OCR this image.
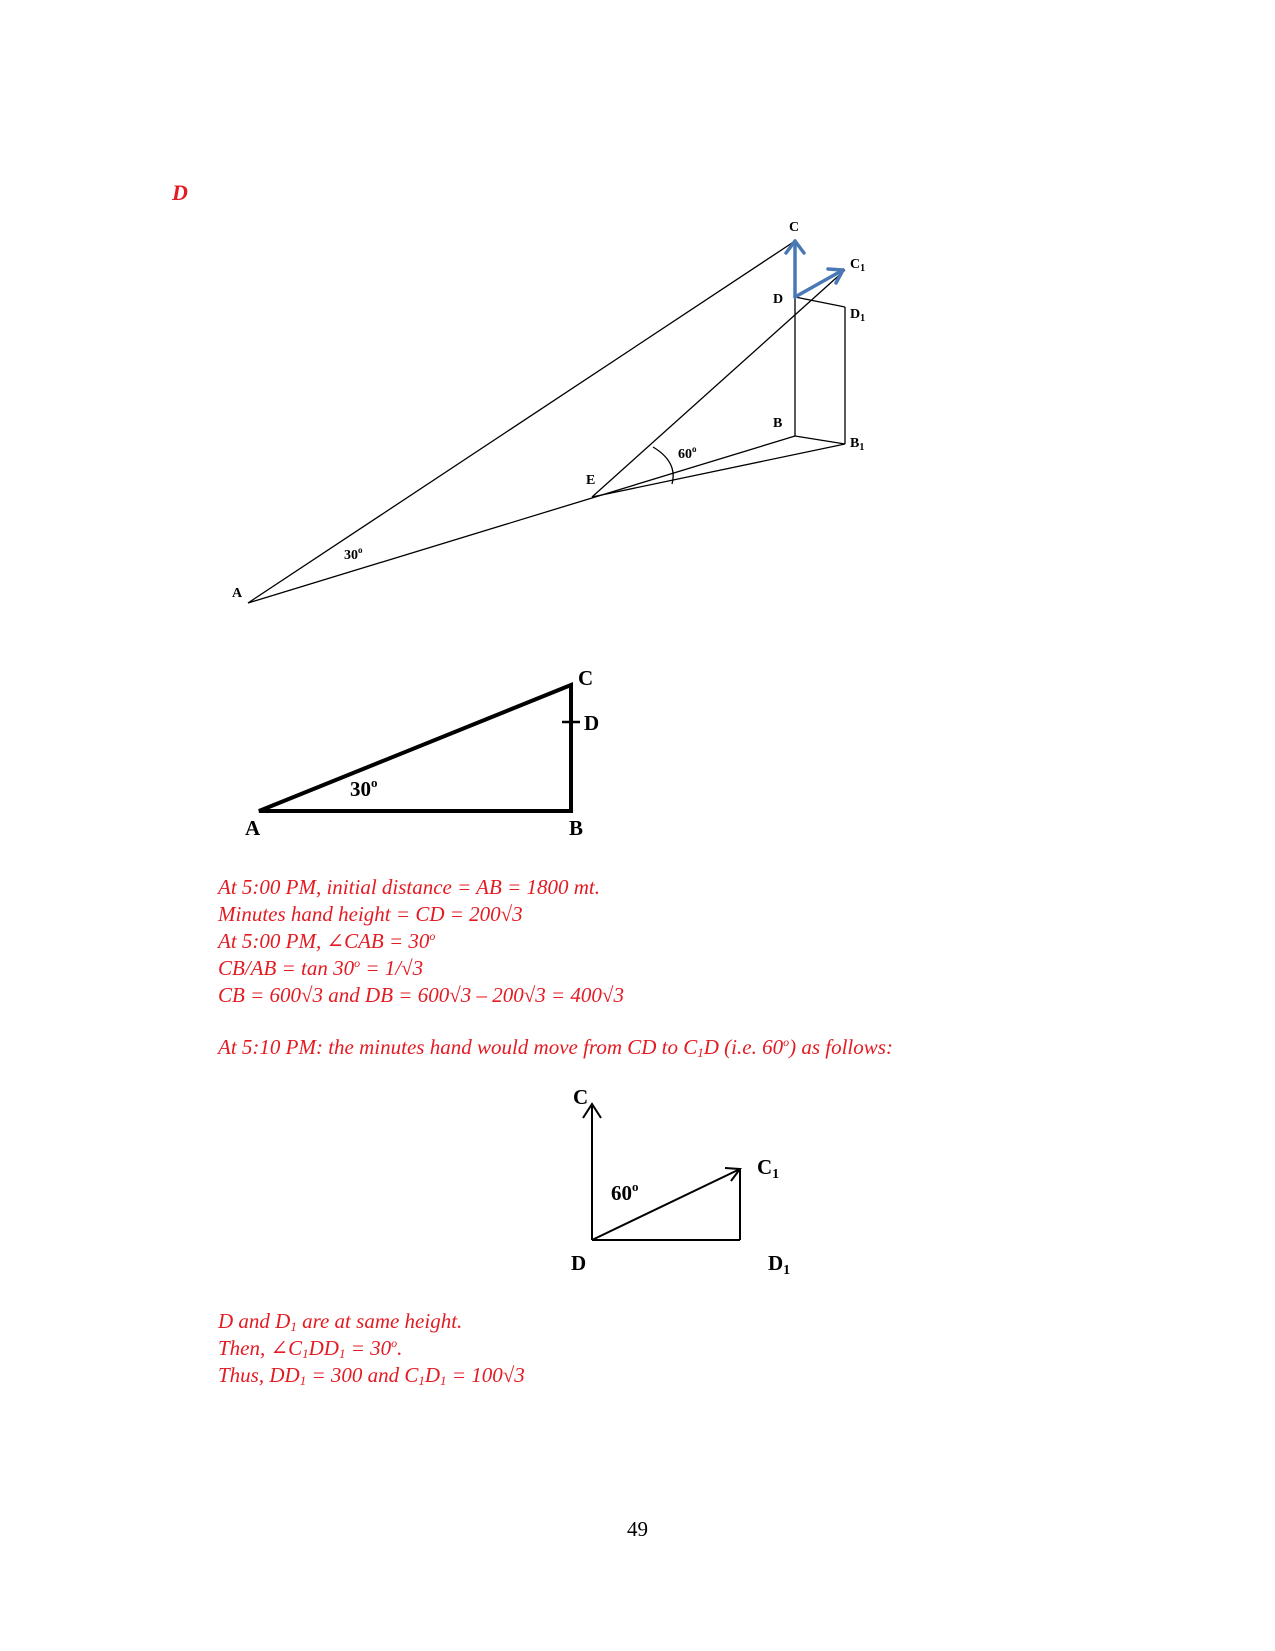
D
C
$C_1$
D
$D_1$
B
$B_1$
E
A
60$^o$
30$^o$
C
D
A	B
30$^o$
C
C1
60$^o$
D	D1
At 5:00 PM, initial distance = AB = 1800 mt.
Minutes hand height = CD = 200√3
At 5:00 PM, ∠CAB = $30^o$
$CB/AB = \tan 30^o = 1/√3$
CB = 600√3 and DB = 600√3 – 200√3 = 400√3
At 5:10 PM: the minutes hand would move from CD to $C_1D$ (i.e. 60$^o$) as follows:
D and $D_1$ are at same height.
Then, $\angle C_1DD_1 = 30^o$.
Thus, $DD_1 = 300$ and $C_1D_1 = 100√3$
49
